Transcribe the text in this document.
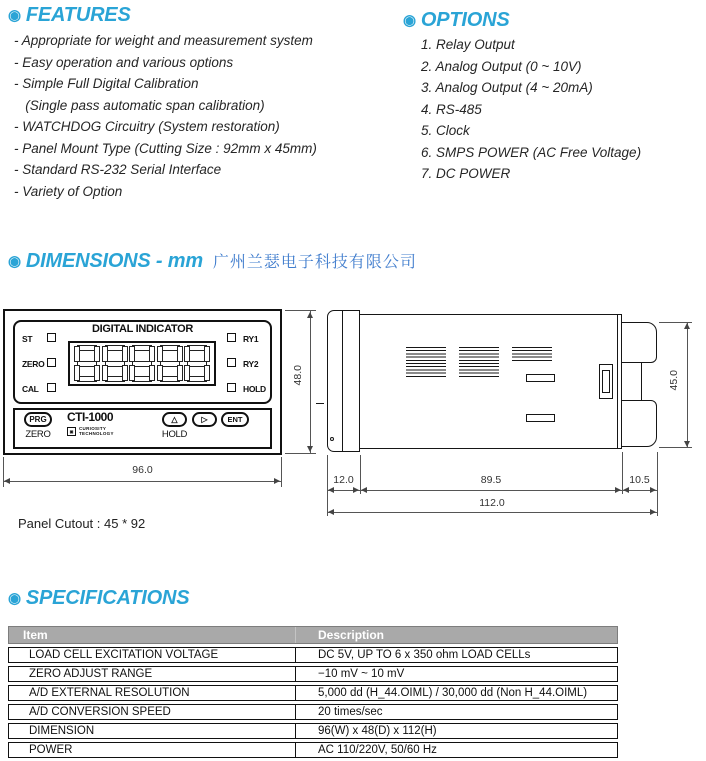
◉ FEATURES
- Appropriate for weight and measurement system
- Easy operation and various options
- Simple Full Digital Calibration
(Single pass automatic span calibration)
- WATCHDOG Circuitry (System restoration)
- Panel Mount Type (Cutting Size : 92mm x 45mm)
- Standard RS-232 Serial Interface
- Variety of Option
◉ OPTIONS
1. Relay Output
2. Analog Output (0 ~ 10V)
3. Analog Output (4 ~ 20mA)
4. RS-485
5. Clock
6. SMPS POWER (AC Free Voltage)
7. DC POWER
◉ DIMENSIONS - mm 广州兰瑟电子科技有限公司
DIGITAL INDICATOR
ST
ZERO
CAL
RY1
RY2
HOLD
PRG
ZERO
CTI-1000
▣	CURIOSITY
TECHNOLOGY
△	▷	ENT
HOLD
96.0
48.0	45.0
12.0	89.5	10.5
112.0
Panel Cutout : 45 * 92
◉ SPECIFICATIONS
Item	Description
LOAD CELL EXCITATION VOLTAGE	DC 5V, UP TO 6 x 350 ohm LOAD CELLs
ZERO ADJUST RANGE	−10 mV ~ 10 mV
A/D EXTERNAL RESOLUTION	5,000 dd (H_44.OIML) / 30,000 dd (Non H_44.OIML)
A/D CONVERSION SPEED	20 times/sec
DIMENSION	96(W) x 48(D) x 112(H)
POWER	AC 110/220V, 50/60 Hz
